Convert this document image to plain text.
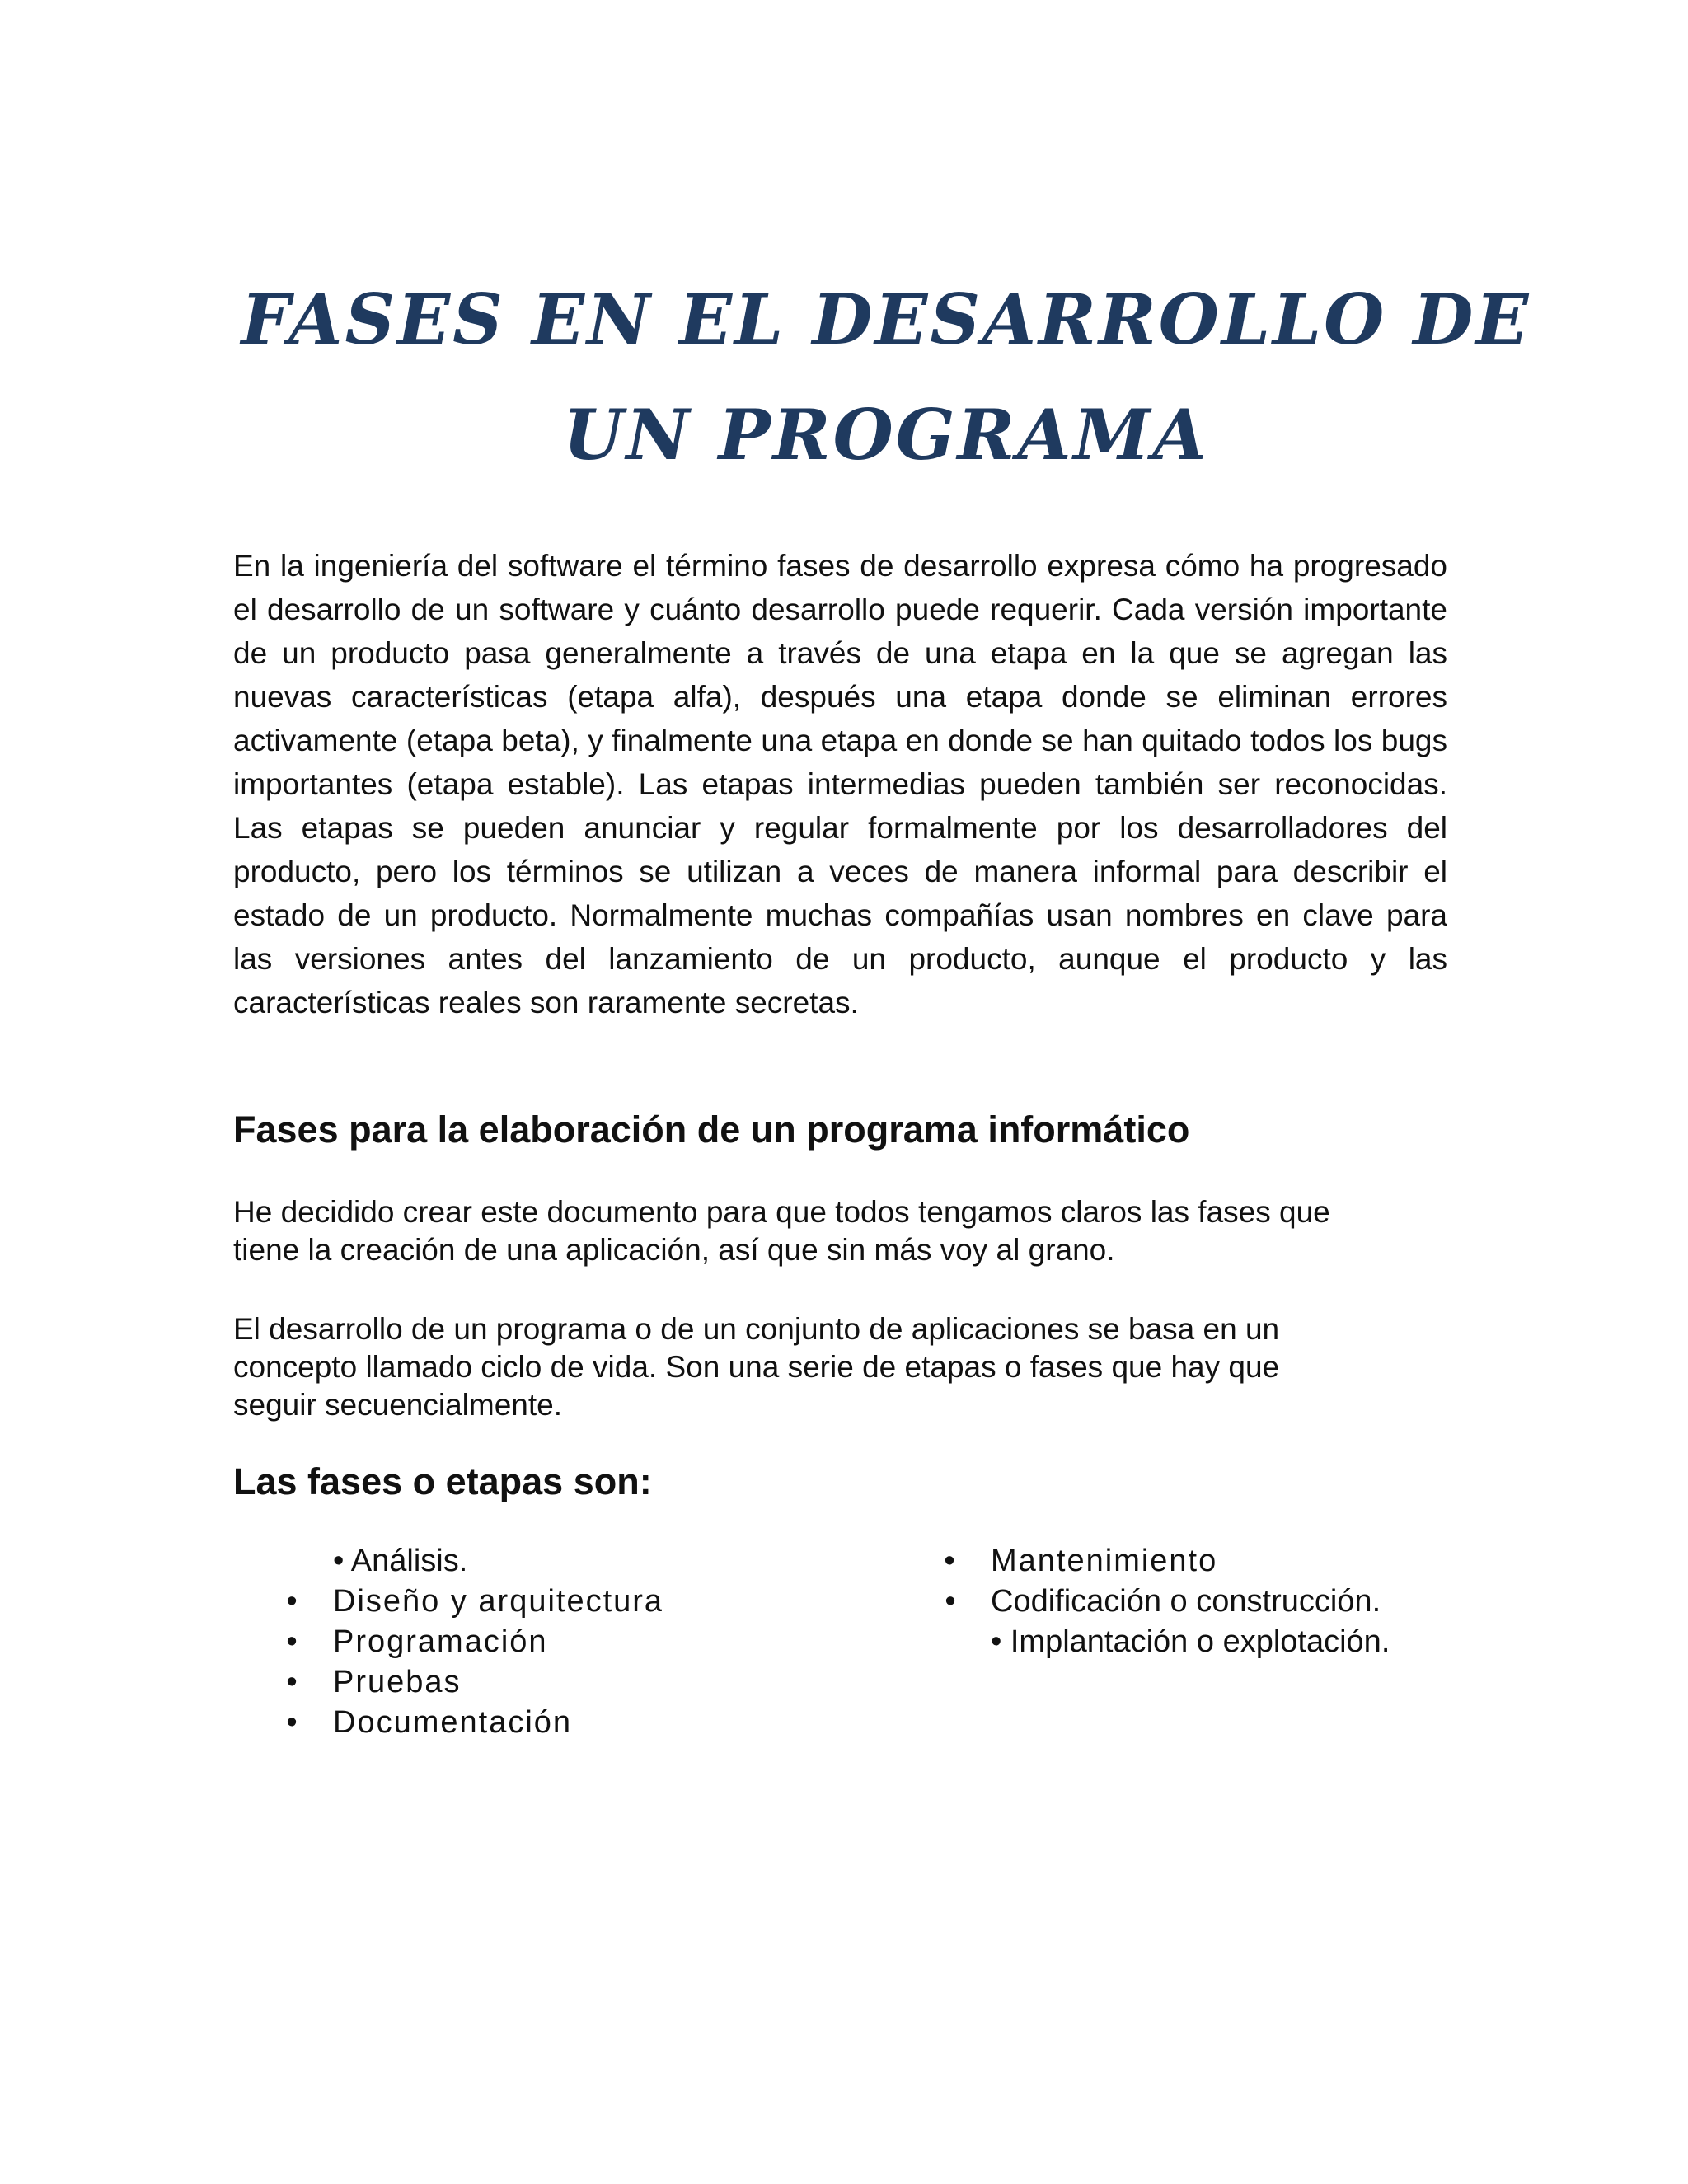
FASES EN EL DESARROLLO DE
UN PROGRAMA

En la ingeniería del software el término fases de desarrollo expresa cómo ha progresado el desarrollo de un software y cuánto desarrollo puede requerir. Cada versión importante de un producto pasa generalmente a través de una etapa en la que se agregan las nuevas características (etapa alfa), después una etapa donde se eliminan errores activamente (etapa beta), y finalmente una etapa en donde se han quitado todos los bugs importantes (etapa estable). Las etapas intermedias pueden también ser reconocidas. Las etapas se pueden anunciar y regular formalmente por los desarrolladores del producto, pero los términos se utilizan a veces de manera informal para describir el estado de un producto. Normalmente muchas compañías usan nombres en clave para las versiones antes del lanzamiento de un producto, aunque el producto y las características reales son raramente secretas.

Fases para la elaboración de un programa informático

He decidido crear este documento para que todos tengamos claros las fases que
tiene la creación de una aplicación, así que sin más voy al grano.

El desarrollo de un programa o de un conjunto de aplicaciones se basa en un
concepto llamado ciclo de vida. Son una serie de etapas o fases que hay que
seguir secuencialmente.

Las fases o etapas son:
• Análisis.
• Diseño y arquitectura
• Programación
• Pruebas
• Documentación
• Mantenimiento
• Codificación o construcción.
• Implantación o explotación.
